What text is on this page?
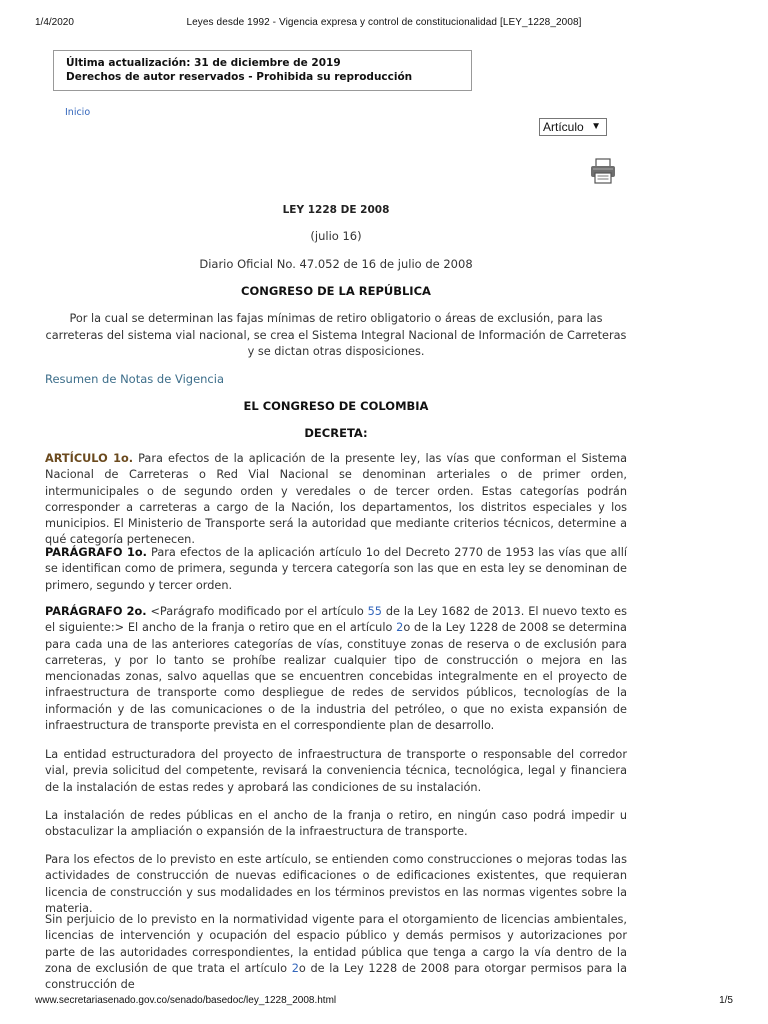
1/4/2020	Leyes desde 1992 - Vigencia expresa y control de constitucionalidad [LEY_1228_2008]
Última actualización: 31 de diciembre de 2019
Derechos de autor reservados - Prohibida su reproducción
Inicio
Artículo ▼
LEY 1228 DE 2008
(julio 16)
Diario Oficial No. 47.052 de 16 de julio de 2008
CONGRESO DE LA REPÚBLICA
Por la cual se determinan las fajas mínimas de retiro obligatorio o áreas de exclusión, para las carreteras del sistema vial nacional, se crea el Sistema Integral Nacional de Información de Carreteras y se dictan otras disposiciones.
Resumen de Notas de Vigencia
EL CONGRESO DE COLOMBIA
DECRETA:
ARTÍCULO 1o. Para efectos de la aplicación de la presente ley, las vías que conforman el Sistema Nacional de Carreteras o Red Vial Nacional se denominan arteriales o de primer orden, intermunicipales o de segundo orden y veredales o de tercer orden. Estas categorías podrán corresponder a carreteras a cargo de la Nación, los departamentos, los distritos especiales y los municipios. El Ministerio de Transporte será la autoridad que mediante criterios técnicos, determine a qué categoría pertenecen.
PARÁGRAFO 1o. Para efectos de la aplicación artículo 1o del Decreto 2770 de 1953 las vías que allí se identifican como de primera, segunda y tercera categoría son las que en esta ley se denominan de primero, segundo y tercer orden.
PARÁGRAFO 2o. <Parágrafo modificado por el artículo 55 de la Ley 1682 de 2013. El nuevo texto es el siguiente:> El ancho de la franja o retiro que en el artículo 2o de la Ley 1228 de 2008 se determina para cada una de las anteriores categorías de vías, constituye zonas de reserva o de exclusión para carreteras, y por lo tanto se prohíbe realizar cualquier tipo de construcción o mejora en las mencionadas zonas, salvo aquellas que se encuentren concebidas integralmente en el proyecto de infraestructura de transporte como despliegue de redes de servidos públicos, tecnologías de la información y de las comunicaciones o de la industria del petróleo, o que no exista expansión de infraestructura de transporte prevista en el correspondiente plan de desarrollo.
La entidad estructuradora del proyecto de infraestructura de transporte o responsable del corredor vial, previa solicitud del competente, revisará la conveniencia técnica, tecnológica, legal y financiera de la instalación de estas redes y aprobará las condiciones de su instalación.
La instalación de redes públicas en el ancho de la franja o retiro, en ningún caso podrá impedir u obstaculizar la ampliación o expansión de la infraestructura de transporte.
Para los efectos de lo previsto en este artículo, se entienden como construcciones o mejoras todas las actividades de construcción de nuevas edificaciones o de edificaciones existentes, que requieran licencia de construcción y sus modalidades en los términos previstos en las normas vigentes sobre la materia.
Sin perjuicio de lo previsto en la normatividad vigente para el otorgamiento de licencias ambientales, licencias de intervención y ocupación del espacio público y demás permisos y autorizaciones por parte de las autoridades correspondientes, la entidad pública que tenga a cargo la vía dentro de la zona de exclusión de que trata el artículo 2o de la Ley 1228 de 2008 para otorgar permisos para la construcción de
www.secretariasenado.gov.co/senado/basedoc/ley_1228_2008.html	1/5
